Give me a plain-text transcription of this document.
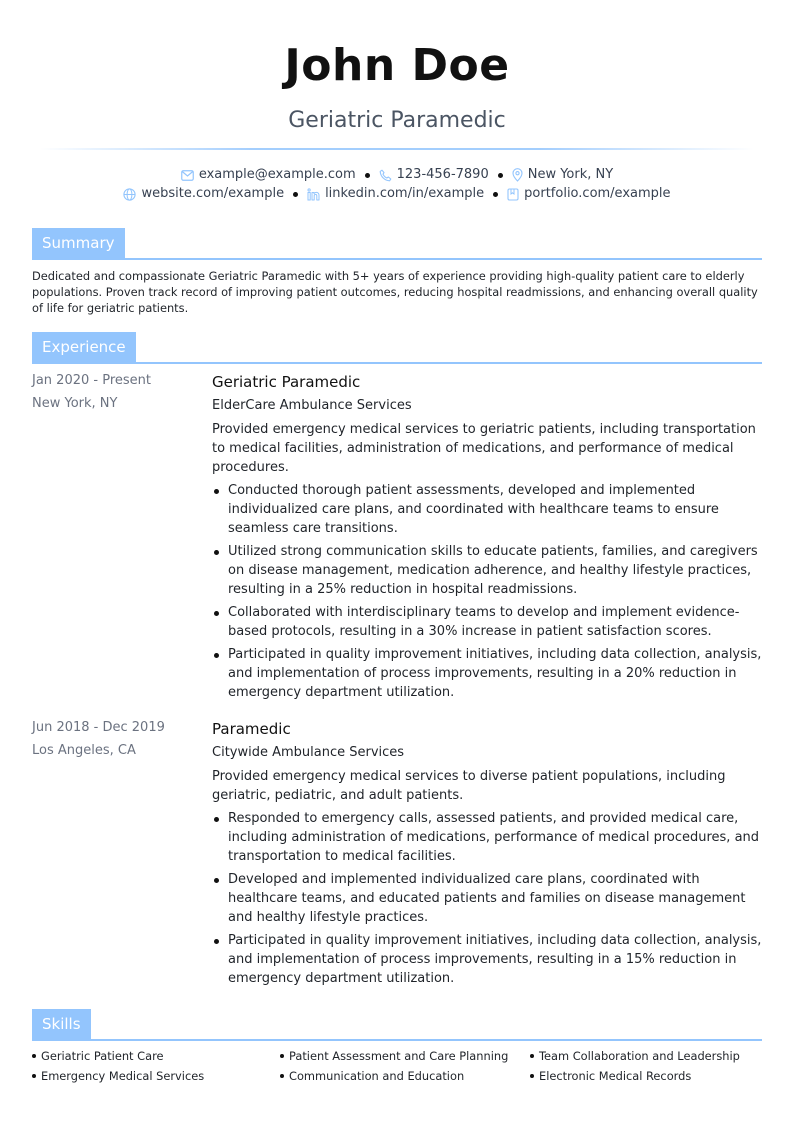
John Doe
Geriatric Paramedic
example@example.com	123-456-7890	New York, NY
website.com/example	linkedin.com/in/example	portfolio.com/example
Summary

Dedicated and compassionate Geriatric Paramedic with 5+ years of experience providing high-quality patient care to elderly populations. Proven track record of improving patient outcomes, reducing hospital readmissions, and enhancing overall quality of life for geriatric patients.

Experience
Jan 2020 - Present
New York, NY
Geriatric Paramedic
ElderCare Ambulance Services

Provided emergency medical services to geriatric patients, including transportation to medical facilities, administration of medications, and performance of medical procedures.

Conducted thorough patient assessments, developed and implemented individualized care plans, and coordinated with healthcare teams to ensure seamless care transitions.
Utilized strong communication skills to educate patients, families, and caregivers on disease management, medication adherence, and healthy lifestyle practices, resulting in a 25% reduction in hospital readmissions.
Collaborated with interdisciplinary teams to develop and implement evidence-based protocols, resulting in a 30% increase in patient satisfaction scores.
Participated in quality improvement initiatives, including data collection, analysis, and implementation of process improvements, resulting in a 20% reduction in emergency department utilization.
Jun 2018 - Dec 2019
Los Angeles, CA
Paramedic
Citywide Ambulance Services

Provided emergency medical services to diverse patient populations, including geriatric, pediatric, and adult patients.

Responded to emergency calls, assessed patients, and provided medical care, including administration of medications, performance of medical procedures, and transportation to medical facilities.
Developed and implemented individualized care plans, coordinated with healthcare teams, and educated patients and families on disease management and healthy lifestyle practices.
Participated in quality improvement initiatives, including data collection, analysis, and implementation of process improvements, resulting in a 15% reduction in emergency department utilization.
Skills
Geriatric Patient Care	Patient Assessment and Care Planning	Team Collaboration and Leadership
Emergency Medical Services	Communication and Education	Electronic Medical Records
